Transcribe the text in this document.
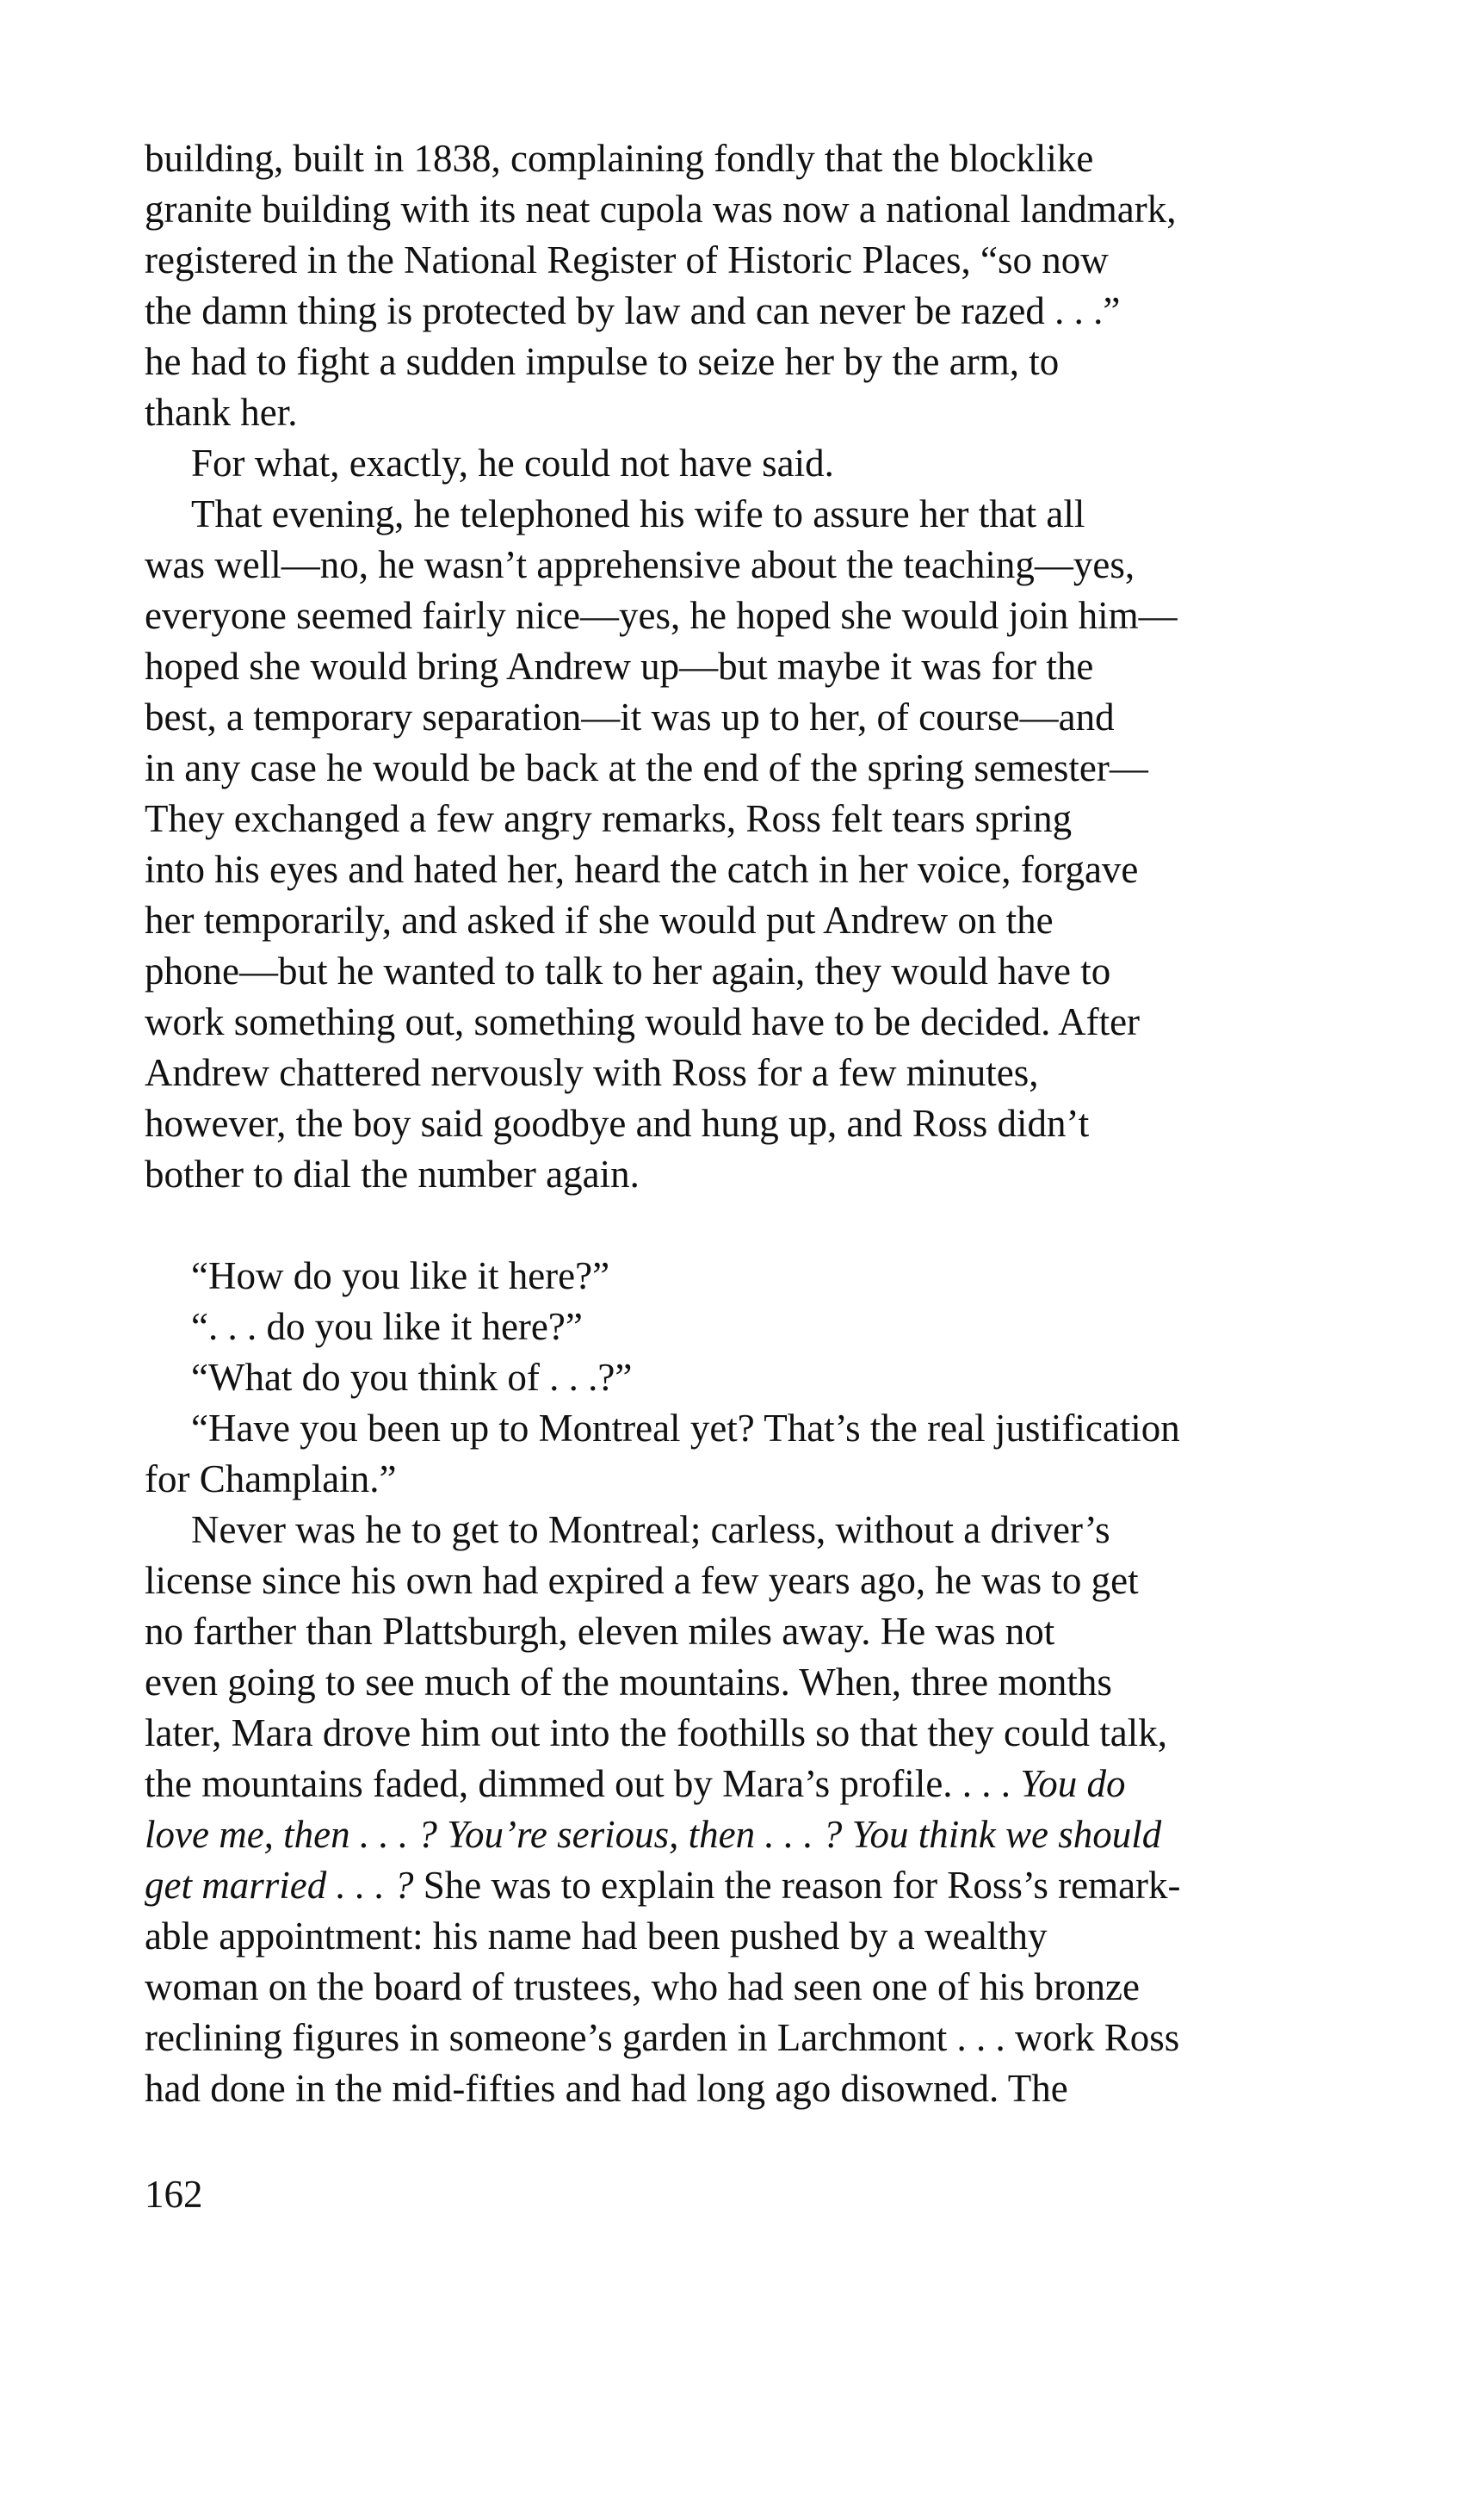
building, built in 1838, complaining fondly that the blocklike
granite building with its neat cupola was now a national landmark,
registered in the National Register of Historic Places, “so now
the damn thing is protected by law and can never be razed . . .”
he had to fight a sudden impulse to seize her by the arm, to
thank her.
For what, exactly, he could not have said.
That evening, he telephoned his wife to assure her that all
was well—no, he wasn’t apprehensive about the teaching—yes,
everyone seemed fairly nice—yes, he hoped she would join him—
hoped she would bring Andrew up—but maybe it was for the
best, a temporary separation—it was up to her, of course—and
in any case he would be back at the end of the spring semester—
They exchanged a few angry remarks, Ross felt tears spring
into his eyes and hated her, heard the catch in her voice, forgave
her temporarily, and asked if she would put Andrew on the
phone—but he wanted to talk to her again, they would have to
work something out, something would have to be decided. After
Andrew chattered nervously with Ross for a few minutes,
however, the boy said goodbye and hung up, and Ross didn’t
bother to dial the number again.
“How do you like it here?”
“. . . do you like it here?”
“What do you think of . . .?”
“Have you been up to Montreal yet? That’s the real justification
for Champlain.”
Never was he to get to Montreal; carless, without a driver’s
license since his own had expired a few years ago, he was to get
no farther than Plattsburgh, eleven miles away. He was not
even going to see much of the mountains. When, three months
later, Mara drove him out into the foothills so that they could talk,
the mountains faded, dimmed out by Mara’s profile. . . . You do
love me, then . . . ? You’re serious, then . . . ? You think we should
get married . . . ? She was to explain the reason for Ross’s remark-
able appointment: his name had been pushed by a wealthy
woman on the board of trustees, who had seen one of his bronze
reclining figures in someone’s garden in Larchmont . . . work Ross
had done in the mid-fifties and had long ago disowned. The
162
